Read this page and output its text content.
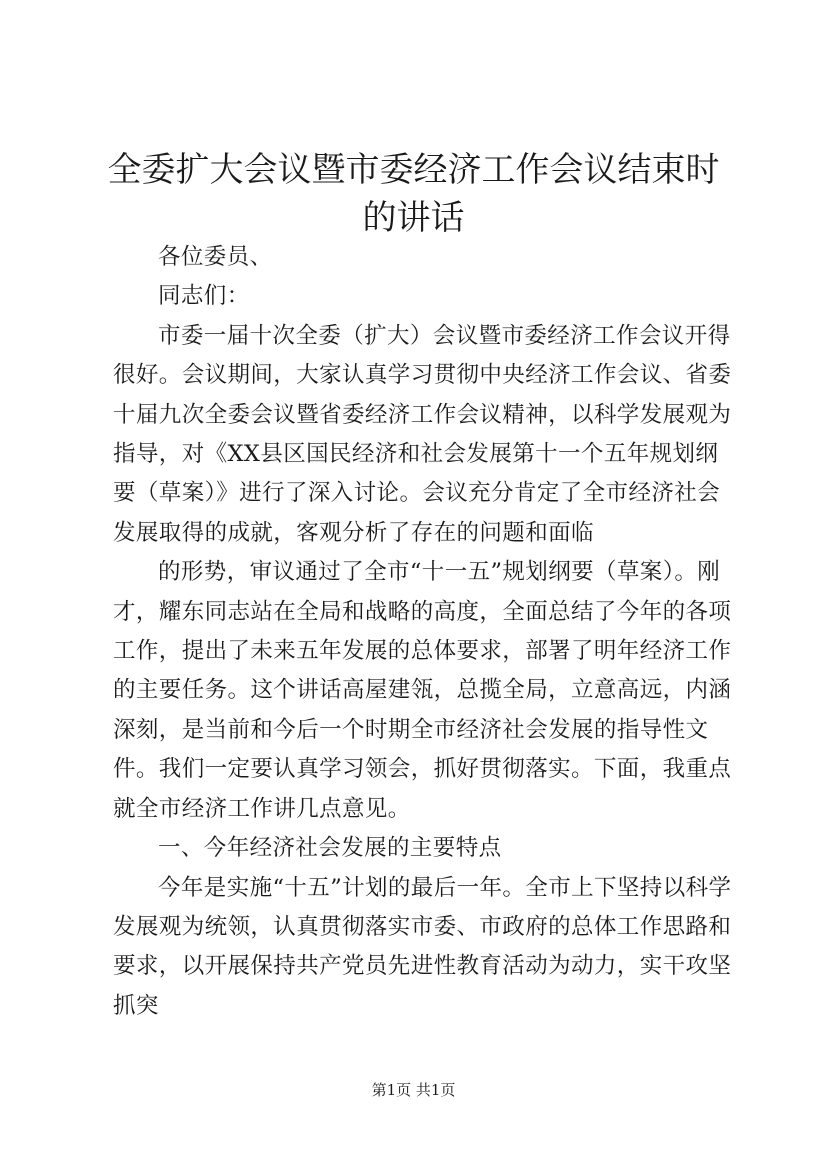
全委扩大会议暨市委经济工作会议结束时的讲话

各位委员、

同志们：

市委一届十次全委（扩大）会议暨市委经济工作会议开得很好。会议期间，大家认真学习贯彻中央经济工作会议、省委十届九次全委会议暨省委经济工作会议精神，以科学发展观为指导，对《XX县区国民经济和社会发展第十一个五年规划纲要（草案）》进行了深入讨论。会议充分肯定了全市经济社会发展取得的成就，客观分析了存在的问题和面临

的形势，审议通过了全市“十一五”规划纲要（草案）。刚才，耀东同志站在全局和战略的高度，全面总结了今年的各项工作，提出了未来五年发展的总体要求，部署了明年经济工作的主要任务。这个讲话高屋建瓴，总揽全局，立意高远，内涵深刻，是当前和今后一个时期全市经济社会发展的指导性文件。我们一定要认真学习领会，抓好贯彻落实。下面，我重点就全市经济工作讲几点意见。

一、今年经济社会发展的主要特点

今年是实施“十五”计划的最后一年。全市上下坚持以科学发展观为统领，认真贯彻落实市委、市政府的总体工作思路和要求，以开展保持共产党员先进性教育活动为动力，实干攻坚抓突

第1页 共1页
